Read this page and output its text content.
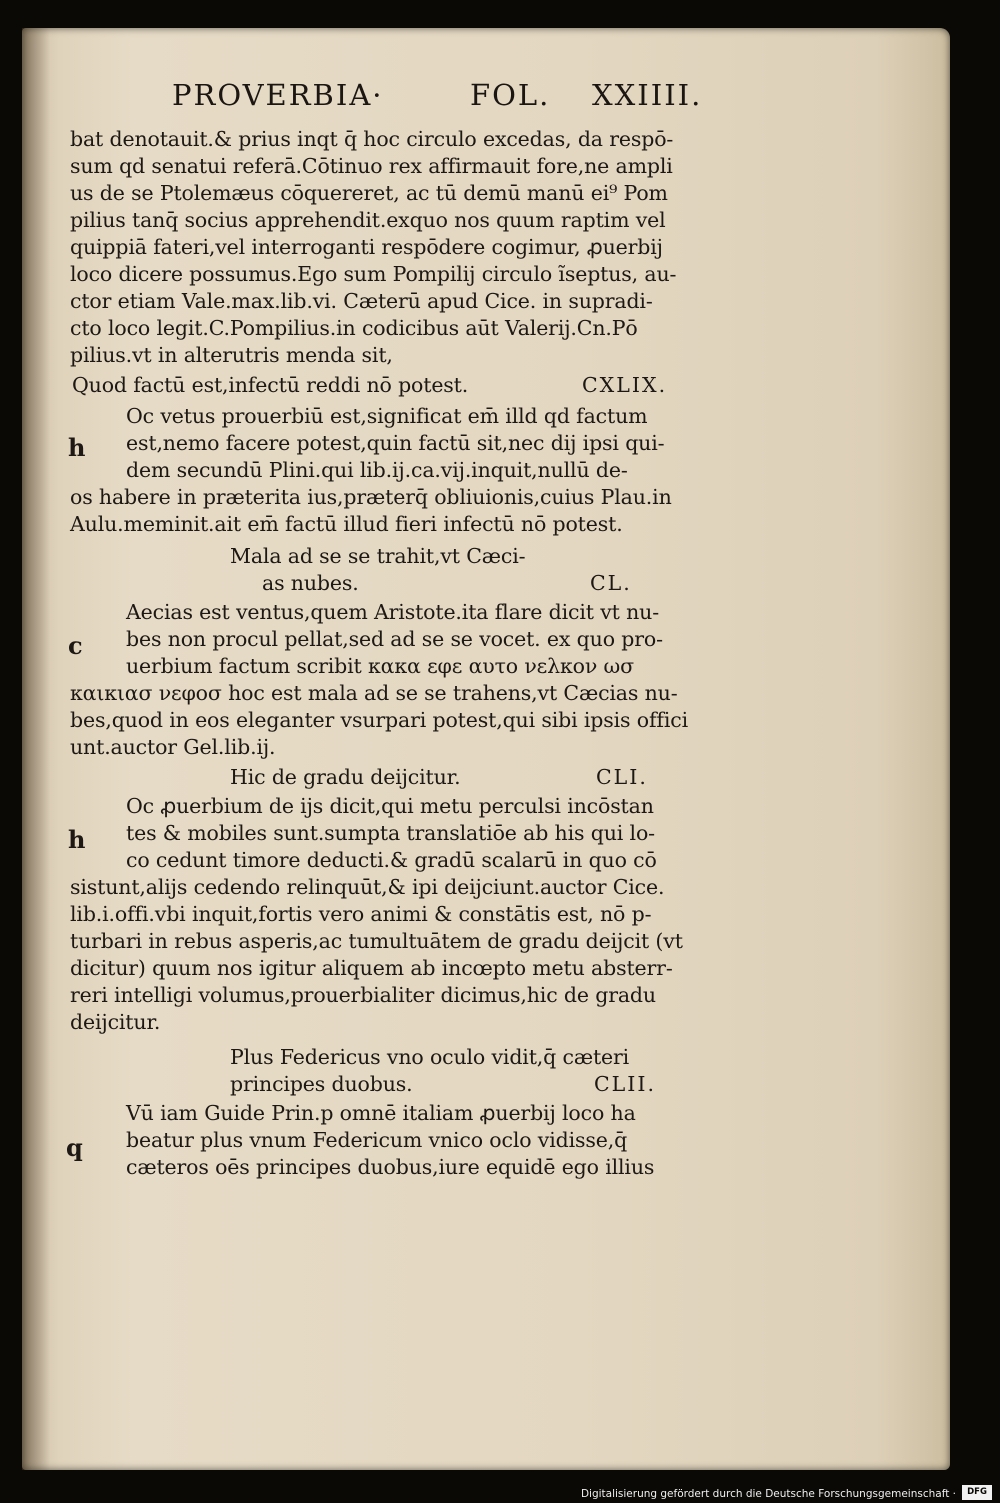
PROVERBIA·	FOL. XXIIII.
bat denotauit.& prius inqt q̄ hoc circulo excedas, da respō-
sum qd senatui referā.Cōtinuo rex affirmauit fore,ne ampli
us de se Ptolemæus cōquereret, ac tū demū manū ei⁹ Pom
pilius tanq̄ socius apprehendit.exquo nos quum raptim vel
quippiā fateri,vel interroganti respōdere cogimur, ꝓuerbij
loco dicere possumus.Ego sum Pompilij circulo ĩseptus, au-
ctor etiam Vale.max.lib.vi. Cæterū apud Cice. in supradi-
cto loco legit.C.Pompilius.in codicibus aūt Valerij.Cn.Pō
pilius.vt in alterutris menda sit,
Quod factū est,infectū reddi nō potest.	CXLIX.
Oc vetus prouerbiū est,significat em̄ illd qd factum
h est,nemo facere potest,quin factū sit,nec dij ipsi qui-
dem secundū Plini.qui lib.ij.ca.vij.inquit,nullū de-
os habere in præterita ius,præterq̄ obliuionis,cuius Plau.in
Aulu.meminit.ait em̄ factū illud fieri infectū nō potest.
Mala ad se se trahit,vt Cæci-
as nubes.	CL.
Aecias est ventus,quem Aristote.ita flare dicit vt nu-
c bes non procul pellat,sed ad se se vocet. ex quo pro-
uerbium factum scribit κακα εφε αυτο νελκον ωσ
καικιασ νεφοσ hoc est mala ad se se trahens,vt Cæcias nu-
bes,quod in eos eleganter vsurpari potest,qui sibi ipsis offici
unt.auctor Gel.lib.ij.
Hic de gradu deijcitur.	CLI.
Oc ꝓuerbium de ijs dicit,qui metu perculsi incōstan
h tes & mobiles sunt.sumpta translatiōe ab his qui lo-
co cedunt timore deducti.& gradū scalarū in quo cō
sistunt,alijs cedendo relinquūt,& ipi deijciunt.auctor Cice.
lib.i.offi.vbi inquit,fortis vero animi & constātis est, nō p-
turbari in rebus asperis,ac tumultuātem de gradu deijcit (vt
dicitur) quum nos igitur aliquem ab incœpto metu absterr-
reri intelligi volumus,prouerbialiter dicimus,hic de gradu
deijcitur.
Plus Federicus vno oculo vidit,q̄ cæteri
principes duobus.	CLII.
Vū iam Guide Prin.p omnē italiam ꝓuerbij loco ha
q beatur plus vnum Federicum vnico oclo vidisse,q̄
cæteros oēs principes duobus,iure equidē ego illius
Digitalisierung gefördert durch die Deutsche Forschungsgemeinschaft ·	DFG
